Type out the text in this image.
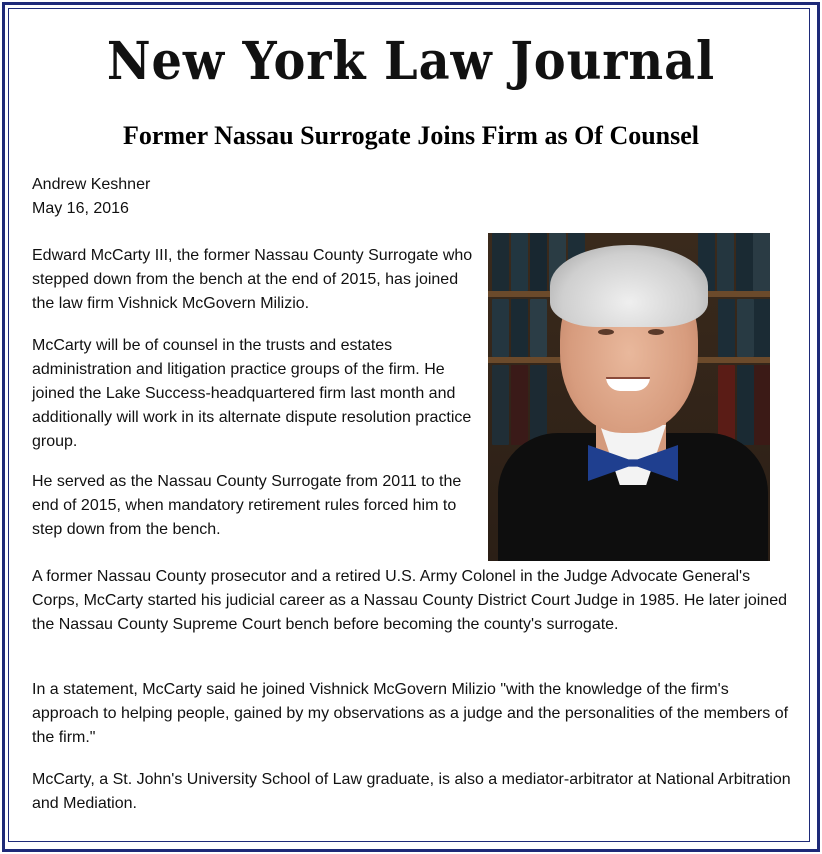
New York Law Journal
Former Nassau Surrogate Joins Firm as Of Counsel
Andrew Keshner
May 16, 2016

Edward McCarty III, the former Nassau County Surrogate who stepped down from the bench at the end of 2015, has joined the law firm Vishnick McGovern Milizio.

McCarty will be of counsel in the trusts and estates administration and litigation practice groups of the firm. He joined the Lake Success-headquartered firm last month and additionally will work in its alternate dispute resolution practice group.

He served as the Nassau County Surrogate from 2011 to the end of 2015, when mandatory retirement rules forced him to step down from the bench.

A former Nassau County prosecutor and a retired U.S. Army Colonel in the Judge Advocate General's Corps, McCarty started his judicial career as a Nassau County District Court Judge in 1985. He later joined the Nassau County Supreme Court bench before becoming the county's surrogate.

In a statement, McCarty said he joined Vishnick McGovern Milizio "with the knowledge of the firm's approach to helping people, gained by my observations as a judge and the personalities of the members of the firm."

McCarty, a St. John's University School of Law graduate, is also a mediator-arbitrator at National Arbitration and Mediation.
